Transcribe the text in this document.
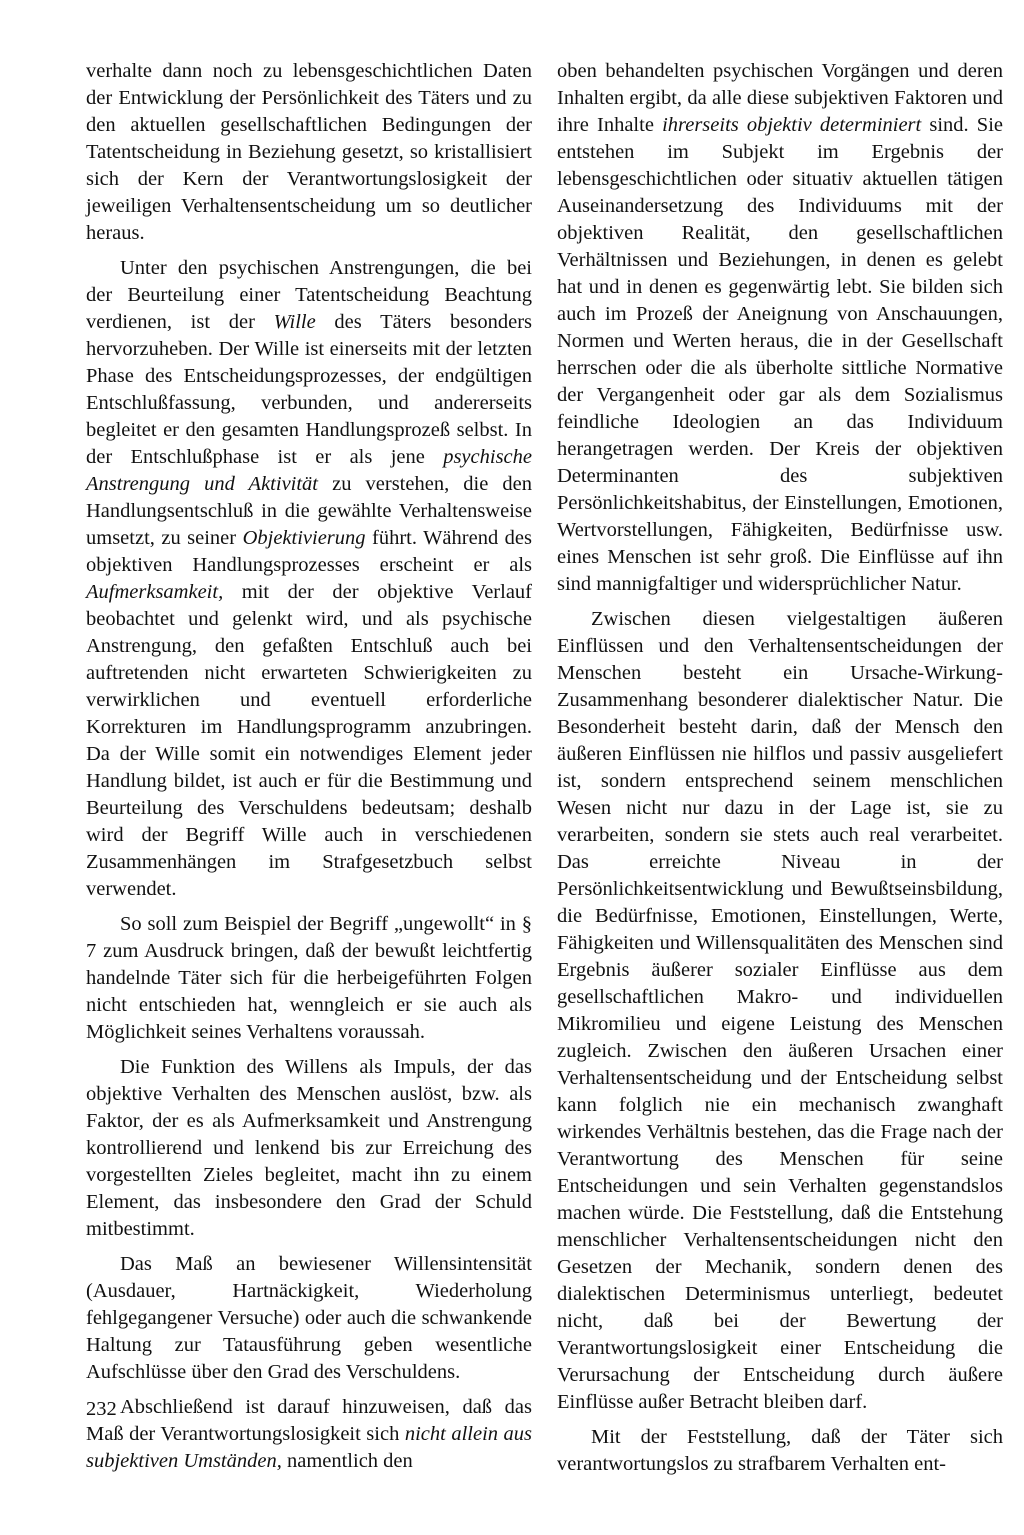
verhalte dann noch zu lebensgeschichtlichen Daten der Entwicklung der Persönlichkeit des Täters und zu den aktuellen gesellschaftlichen Bedingungen der Tatentscheidung in Beziehung gesetzt, so kristallisiert sich der Kern der Verantwortungslosigkeit der jeweiligen Verhaltensentscheidung um so deutlicher heraus.

Unter den psychischen Anstrengungen, die bei der Beurteilung einer Tatentscheidung Beachtung verdienen, ist der Wille des Täters besonders hervorzuheben. Der Wille ist einerseits mit der letzten Phase des Entscheidungsprozesses, der endgültigen Entschlußfassung, verbunden, und andererseits begleitet er den gesamten Handlungsprozeß selbst. In der Entschlußphase ist er als jene psychische Anstrengung und Aktivität zu verstehen, die den Handlungsentschluß in die gewählte Verhaltensweise umsetzt, zu seiner Objektivierung führt. Während des objektiven Handlungsprozesses erscheint er als Aufmerksamkeit, mit der der objektive Verlauf beobachtet und gelenkt wird, und als psychische Anstrengung, den gefaßten Entschluß auch bei auftretenden nicht erwarteten Schwierigkeiten zu verwirklichen und eventuell erforderliche Korrekturen im Handlungsprogramm anzubringen. Da der Wille somit ein notwendiges Element jeder Handlung bildet, ist auch er für die Bestimmung und Beurteilung des Verschuldens bedeutsam; deshalb wird der Begriff Wille auch in verschiedenen Zusammenhängen im Strafgesetzbuch selbst verwendet.

So soll zum Beispiel der Begriff „ungewollt“ in § 7 zum Ausdruck bringen, daß der bewußt leichtfertig handelnde Täter sich für die herbeigeführten Folgen nicht entschieden hat, wenngleich er sie auch als Möglichkeit seines Verhaltens voraussah.

Die Funktion des Willens als Impuls, der das objektive Verhalten des Menschen auslöst, bzw. als Faktor, der es als Aufmerksamkeit und Anstrengung kontrollierend und lenkend bis zur Erreichung des vorgestellten Zieles begleitet, macht ihn zu einem Element, das insbesondere den Grad der Schuld mitbestimmt.

Das Maß an bewiesener Willensintensität (Ausdauer, Hartnäckigkeit, Wiederholung fehlgegangener Versuche) oder auch die schwankende Haltung zur Tatausführung geben wesentliche Aufschlüsse über den Grad des Verschuldens.

Abschließend ist darauf hinzuweisen, daß das Maß der Verantwortungslosigkeit sich nicht allein aus subjektiven Umständen, namentlich den

oben behandelten psychischen Vorgängen und deren Inhalten ergibt, da alle diese subjektiven Faktoren und ihre Inhalte ihrerseits objektiv determiniert sind. Sie entstehen im Subjekt im Ergebnis der lebensgeschichtlichen oder situativ aktuellen tätigen Auseinandersetzung des Individuums mit der objektiven Realität, den gesellschaftlichen Verhältnissen und Beziehungen, in denen es gelebt hat und in denen es gegenwärtig lebt. Sie bilden sich auch im Prozeß der Aneignung von Anschauungen, Normen und Werten heraus, die in der Gesellschaft herrschen oder die als überholte sittliche Normative der Vergangenheit oder gar als dem Sozialismus feindliche Ideologien an das Individuum herangetragen werden. Der Kreis der objektiven Determinanten des subjektiven Persönlichkeitshabitus, der Einstellungen, Emotionen, Wertvorstellungen, Fähigkeiten, Bedürfnisse usw. eines Menschen ist sehr groß. Die Einflüsse auf ihn sind mannigfaltiger und widersprüchlicher Natur.

Zwischen diesen vielgestaltigen äußeren Einflüssen und den Verhaltensentscheidungen der Menschen besteht ein Ursache-Wirkung-Zusammenhang besonderer dialektischer Natur. Die Besonderheit besteht darin, daß der Mensch den äußeren Einflüssen nie hilflos und passiv ausgeliefert ist, sondern entsprechend seinem menschlichen Wesen nicht nur dazu in der Lage ist, sie zu verarbeiten, sondern sie stets auch real verarbeitet. Das erreichte Niveau in der Persönlichkeitsentwicklung und Bewußtseinsbildung, die Bedürfnisse, Emotionen, Einstellungen, Werte, Fähigkeiten und Willensqualitäten des Menschen sind Ergebnis äußerer sozialer Einflüsse aus dem gesellschaftlichen Makro- und individuellen Mikromilieu und eigene Leistung des Menschen zugleich. Zwischen den äußeren Ursachen einer Verhaltensentscheidung und der Entscheidung selbst kann folglich nie ein mechanisch zwanghaft wirkendes Verhältnis bestehen, das die Frage nach der Verantwortung des Menschen für seine Entscheidungen und sein Verhalten gegenstandslos machen würde. Die Feststellung, daß die Entstehung menschlicher Verhaltensentscheidungen nicht den Gesetzen der Mechanik, sondern denen des dialektischen Determinismus unterliegt, bedeutet nicht, daß bei der Bewertung der Verantwortungslosigkeit einer Entscheidung die Verursachung der Entscheidung durch äußere Einflüsse außer Betracht bleiben darf.

Mit der Feststellung, daß der Täter sich verantwortungslos zu strafbarem Verhalten ent-

232
